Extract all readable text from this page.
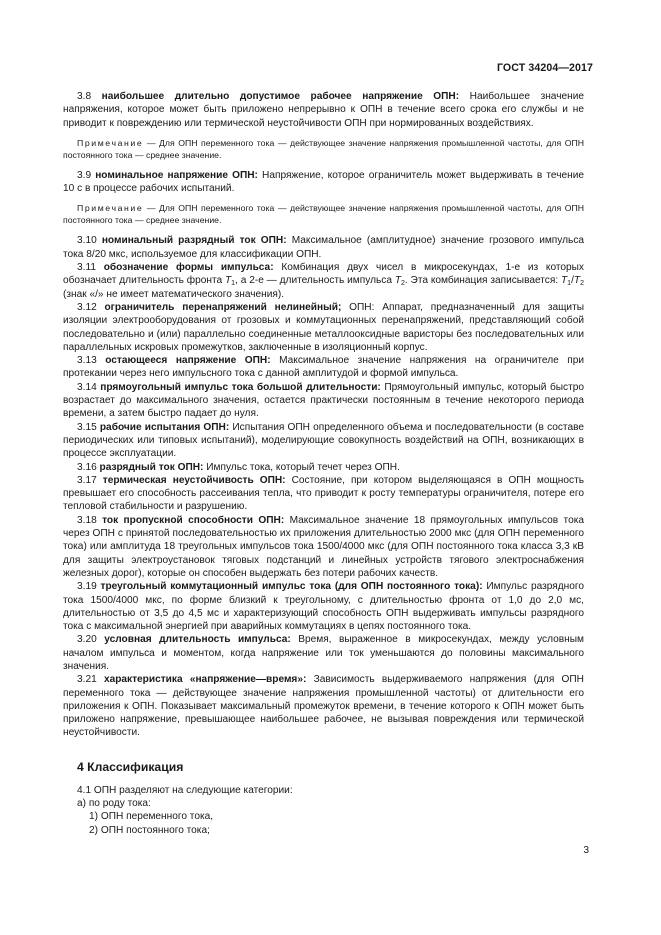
ГОСТ 34204—2017

3.8 наибольшее длительно допустимое рабочее напряжение ОПН: Наибольшее значение напряжения, которое может быть приложено непрерывно к ОПН в течение всего срока его службы и не приводит к повреждению или термической неустойчивости ОПН при нормированных воздействиях.

Примечание — Для ОПН переменного тока — действующее значение напряжения промышленной частоты, для ОПН постоянного тока — среднее значение.

3.9 номинальное напряжение ОПН: Напряжение, которое ограничитель может выдерживать в течение 10 с в процессе рабочих испытаний.

Примечание — Для ОПН переменного тока — действующее значение напряжения промышленной частоты, для ОПН постоянного тока — среднее значение.

3.10 номинальный разрядный ток ОПН: Максимальное (амплитудное) значение грозового импульса тока 8/20 мкс, используемое для классификации ОПН.

3.11 обозначение формы импульса: Комбинация двух чисел в микросекундах, 1-е из которых обозначает длительность фронта $T_1$, а 2-е — длительность импульса $T_2$. Эта комбинация записывается: $T_1/T_2$ (знак «/» не имеет математического значения).

3.12 ограничитель перенапряжений нелинейный; ОПН: Аппарат, предназначенный для защиты изоляции электрооборудования от грозовых и коммутационных перенапряжений, представляющий собой последовательно и (или) параллельно соединенные металлооксидные варисторы без последовательных или параллельных искровых промежутков, заключенные в изоляционный корпус.

3.13 остающееся напряжение ОПН: Максимальное значение напряжения на ограничителе при протекании через него импульсного тока с данной амплитудой и формой импульса.

3.14 прямоугольный импульс тока большой длительности: Прямоугольный импульс, который быстро возрастает до максимального значения, остается практически постоянным в течение некоторого периода времени, а затем быстро падает до нуля.

3.15 рабочие испытания ОПН: Испытания ОПН определенного объема и последовательности (в составе периодических или типовых испытаний), моделирующие совокупность воздействий на ОПН, возникающих в процессе эксплуатации.

3.16 разрядный ток ОПН: Импульс тока, который течет через ОПН.

3.17 термическая неустойчивость ОПН: Состояние, при котором выделяющаяся в ОПН мощность превышает его способность рассеивания тепла, что приводит к росту температуры ограничителя, потере его тепловой стабильности и разрушению.

3.18 ток пропускной способности ОПН: Максимальное значение 18 прямоугольных импульсов тока через ОПН с принятой последовательностью их приложения длительностью 2000 мкс (для ОПН переменного тока) или амплитуда 18 треугольных импульсов тока 1500/4000 мкс (для ОПН постоянного тока класса 3,3 кВ для защиты электроустановок тяговых подстанций и линейных устройств тягового электроснабжения железных дорог), которые он способен выдержать без потери рабочих качеств.

3.19 треугольный коммутационный импульс тока (для ОПН постоянного тока): Импульс разрядного тока 1500/4000 мкс, по форме близкий к треугольному, с длительностью фронта от 1,0 до 2,0 мс, длительностью от 3,5 до 4,5 мс и характеризующий способность ОПН выдерживать импульсы разрядного тока с максимальной энергией при аварийных коммутациях в цепях постоянного тока.

3.20 условная длительность импульса: Время, выраженное в микросекундах, между условным началом импульса и моментом, когда напряжение или ток уменьшаются до половины максимального значения.

3.21 характеристика «напряжение—время»: Зависимость выдерживаемого напряжения (для ОПН переменного тока — действующее значение напряжения промышленной частоты) от длительности его приложения к ОПН. Показывает максимальный промежуток времени, в течение которого к ОПН может быть приложено напряжение, превышающее наибольшее рабочее, не вызывая повреждения или термической неустойчивости.

4 Классификация

4.1 ОПН разделяют на следующие категории:

а) по роду тока:

1) ОПН переменного тока,

2) ОПН постоянного тока;

3
